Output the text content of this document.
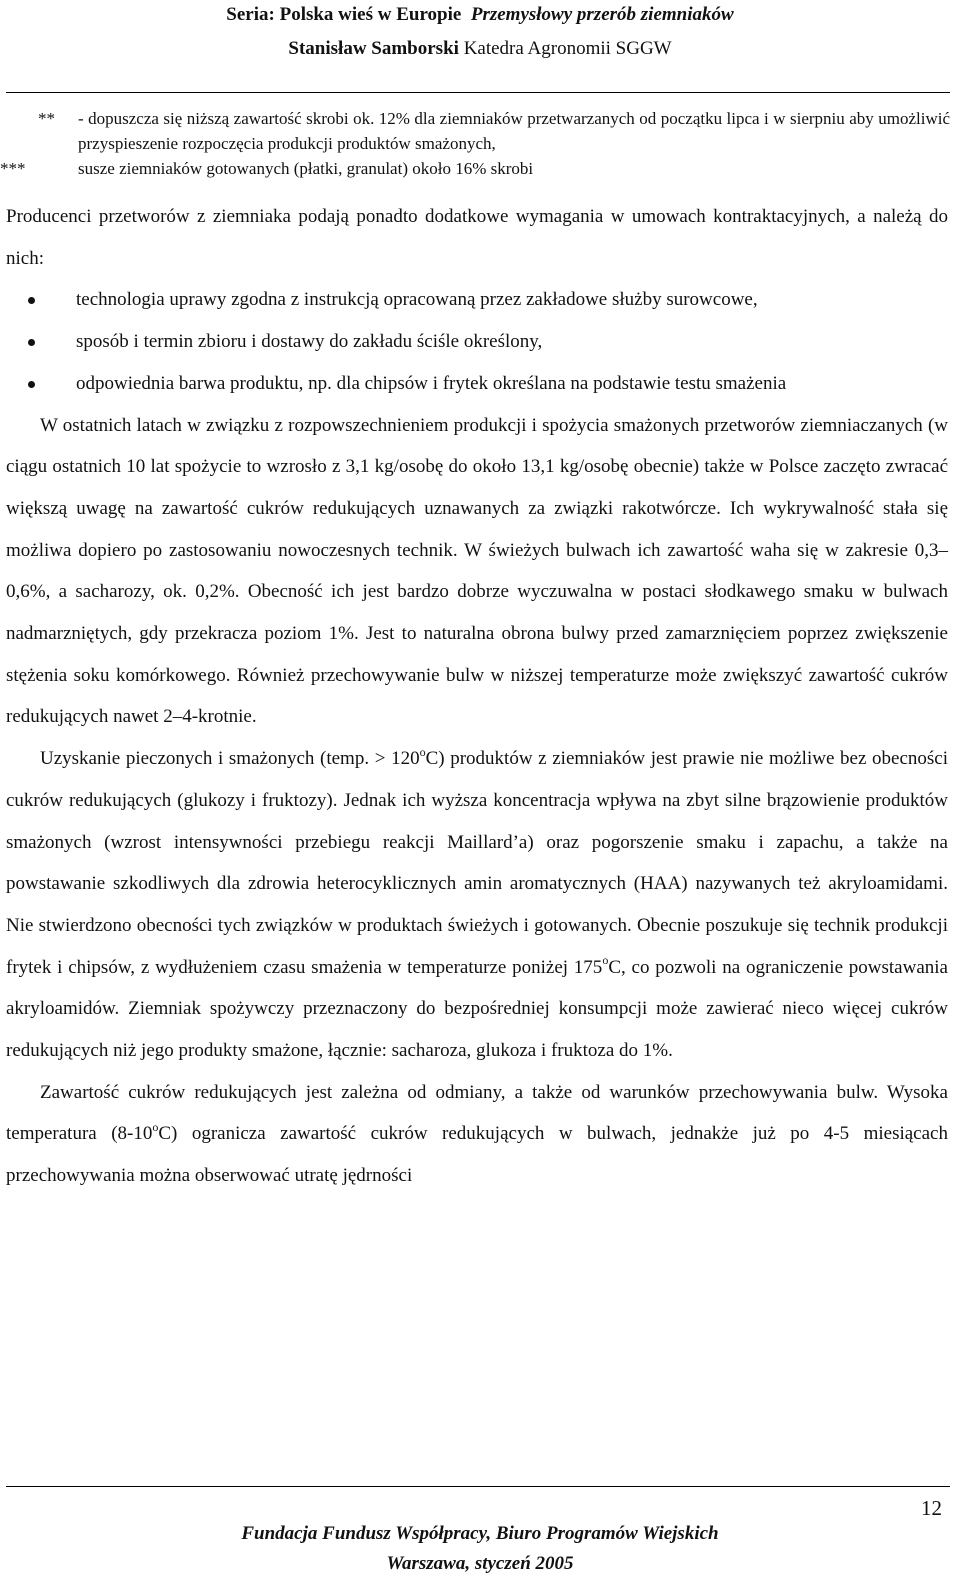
Seria: Polska wieś w Europie Przemysłowy przerób ziemniaków
Stanisław Samborski Katedra Agronomii SGGW
**	- dopuszcza się niższą zawartość skrobi ok. 12% dla ziemniaków przetwarzanych od początku lipca i w sierpniu aby umożliwić przyspieszenie rozpoczęcia produkcji produktów smażonych,
***	susze ziemniaków gotowanych (płatki, granulat) około 16% skrobi

Producenci przetworów z ziemniaka podają ponadto dodatkowe wymagania w umowach kontraktacyjnych, a należą do nich:

technologia uprawy zgodna z instrukcją opracowaną przez zakładowe służby surowcowe,
sposób i termin zbioru i dostawy do zakładu ściśle określony,
odpowiednia barwa produktu, np. dla chipsów i frytek określana na podstawie testu smażenia

W ostatnich latach w związku z rozpowszechnieniem produkcji i spożycia smażonych przetworów ziemniaczanych (w ciągu ostatnich 10 lat spożycie to wzrosło z 3,1 kg/osobę do około 13,1 kg/osobę obecnie) także w Polsce zaczęto zwracać większą uwagę na zawartość cukrów redukujących uznawanych za związki rakotwórcze. Ich wykrywalność stała się możliwa dopiero po zastosowaniu nowoczesnych technik. W świeżych bulwach ich zawartość waha się w zakresie 0,3–0,6%, a sacharozy, ok. 0,2%. Obecność ich jest bardzo dobrze wyczuwalna w postaci słodkawego smaku w bulwach nadmarzniętych, gdy przekracza poziom 1%. Jest to naturalna obrona bulwy przed zamarznięciem poprzez zwiększenie stężenia soku komórkowego. Również przechowywanie bulw w niższej temperaturze może zwiększyć zawartość cukrów redukujących nawet 2–4-krotnie.

Uzyskanie pieczonych i smażonych (temp. > $120^oC$) produktów z ziemniaków jest prawie nie możliwe bez obecności cukrów redukujących (glukozy i fruktozy). Jednak ich wyższa koncentracja wpływa na zbyt silne brązowienie produktów smażonych (wzrost intensywności przebiegu reakcji Maillard’a) oraz pogorszenie smaku i zapachu, a także na powstawanie szkodliwych dla zdrowia heterocyklicznych amin aromatycznych (HAA) nazywanych też akryloamidami. Nie stwierdzono obecności tych związków w produktach świeżych i gotowanych. Obecnie poszukuje się technik produkcji frytek i chipsów, z wydłużeniem czasu smażenia w temperaturze poniżej 175$^o$C, co pozwoli na ograniczenie powstawania akryloamidów. Ziemniak spożywczy przeznaczony do bezpośredniej konsumpcji może zawierać nieco więcej cukrów redukujących niż jego produkty smażone, łącznie: sacharoza, glukoza i fruktoza do 1%.

Zawartość cukrów redukujących jest zależna od odmiany, a także od warunków przechowywania bulw. Wysoka temperatura (8-10$^o$C) ogranicza zawartość cukrów redukujących w bulwach, jednakże już po 4-5 miesiącach przechowywania można obserwować utratę jędrności

12
Fundacja Fundusz Współpracy, Biuro Programów Wiejskich
Warszawa, styczeń 2005
